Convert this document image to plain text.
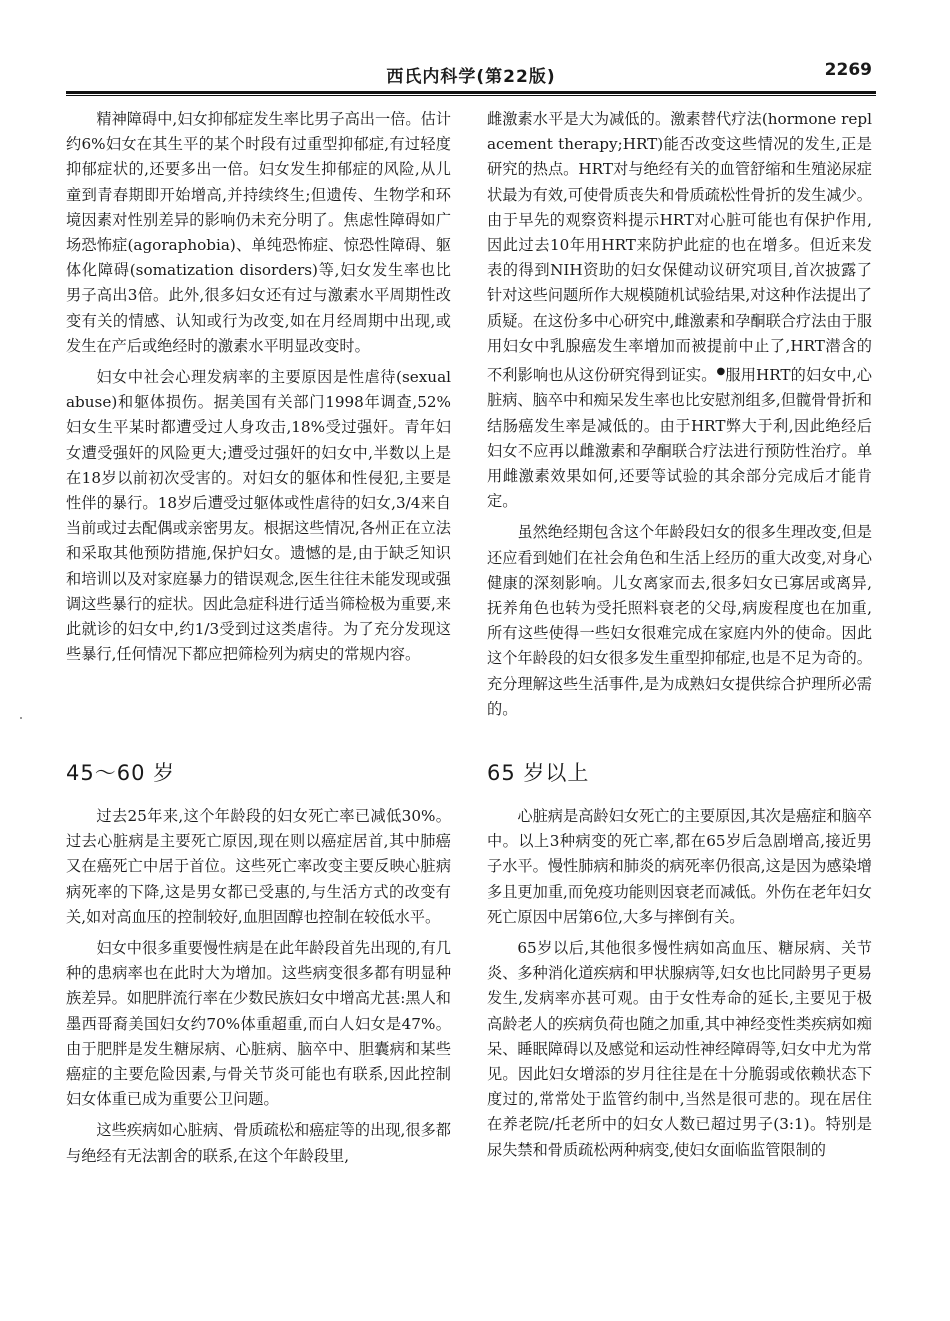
西氏内科学(第22版)	2269

精神障碍中,妇女抑郁症发生率比男子高出一倍。估计约6%妇女在其生平的某个时段有过重型抑郁症,有过轻度抑郁症状的,还要多出一倍。妇女发生抑郁症的风险,从儿童到青春期即开始增高,并持续终生;但遗传、生物学和环境因素对性别差异的影响仍未充分明了。焦虑性障碍如广场恐怖症(agoraphobia)、单纯恐怖症、惊恐性障碍、躯体化障碍(somatization disorders)等,妇女发生率也比男子高出3倍。此外,很多妇女还有过与激素水平周期性改变有关的情感、认知或行为改变,如在月经周期中出现,或发生在产后或绝经时的激素水平明显改变时。

妇女中社会心理发病率的主要原因是性虐待(sexual abuse)和躯体损伤。据美国有关部门1998年调查,52%妇女生平某时都遭受过人身攻击,18%受过强奸。青年妇女遭受强奸的风险更大;遭受过强奸的妇女中,半数以上是在18岁以前初次受害的。对妇女的躯体和性侵犯,主要是性伴的暴行。18岁后遭受过躯体或性虐待的妇女,3/4来自当前或过去配偶或亲密男友。根据这些情况,各州正在立法和采取其他预防措施,保护妇女。遗憾的是,由于缺乏知识和培训以及对家庭暴力的错误观念,医生往往未能发现或强调这些暴行的症状。因此急症科进行适当筛检极为重要,来此就诊的妇女中,约1/3受到过这类虐待。为了充分发现这些暴行,任何情况下都应把筛检列为病史的常规内容。

45～60 岁

过去25年来,这个年龄段的妇女死亡率已减低30%。过去心脏病是主要死亡原因,现在则以癌症居首,其中肺癌又在癌死亡中居于首位。这些死亡率改变主要反映心脏病病死率的下降,这是男女都已受惠的,与生活方式的改变有关,如对高血压的控制较好,血胆固醇也控制在较低水平。

妇女中很多重要慢性病是在此年龄段首先出现的,有几种的患病率也在此时大为增加。这些病变很多都有明显种族差异。如肥胖流行率在少数民族妇女中增高尤甚:黑人和墨西哥裔美国妇女约70%体重超重,而白人妇女是47%。由于肥胖是发生糖尿病、心脏病、脑卒中、胆囊病和某些癌症的主要危险因素,与骨关节炎可能也有联系,因此控制妇女体重已成为重要公卫问题。

这些疾病如心脏病、骨质疏松和癌症等的出现,很多都与绝经有无法割舍的联系,在这个年龄段里,

雌激素水平是大为减低的。激素替代疗法(hormone replacement therapy;HRT)能否改变这些情况的发生,正是研究的热点。HRT对与绝经有关的血管舒缩和生殖泌尿症状最为有效,可使骨质丧失和骨质疏松性骨折的发生减少。由于早先的观察资料提示HRT对心脏可能也有保护作用,因此过去10年用HRT来防护此症的也在增多。但近来发表的得到NIH资助的妇女保健动议研究项目,首次披露了针对这些问题所作大规模随机试验结果,对这种作法提出了质疑。在这份多中心研究中,雌激素和孕酮联合疗法由于服用妇女中乳腺癌发生率增加而被提前中止了,HRT潜含的不利影响也从这份研究得到证实。●服用HRT的妇女中,心脏病、脑卒中和痴呆发生率也比安慰剂组多,但髋骨骨折和结肠癌发生率是减低的。由于HRT弊大于利,因此绝经后妇女不应再以雌激素和孕酮联合疗法进行预防性治疗。单用雌激素效果如何,还要等试验的其余部分完成后才能肯定。

虽然绝经期包含这个年龄段妇女的很多生理改变,但是还应看到她们在社会角色和生活上经历的重大改变,对身心健康的深刻影响。儿女离家而去,很多妇女已寡居或离异,抚养角色也转为受托照料衰老的父母,病废程度也在加重,所有这些使得一些妇女很难完成在家庭内外的使命。因此这个年龄段的妇女很多发生重型抑郁症,也是不足为奇的。充分理解这些生活事件,是为成熟妇女提供综合护理所必需的。

65 岁以上

心脏病是高龄妇女死亡的主要原因,其次是癌症和脑卒中。以上3种病变的死亡率,都在65岁后急剧增高,接近男子水平。慢性肺病和肺炎的病死率仍很高,这是因为感染增多且更加重,而免疫功能则因衰老而减低。外伤在老年妇女死亡原因中居第6位,大多与摔倒有关。

65岁以后,其他很多慢性病如高血压、糖尿病、关节炎、多种消化道疾病和甲状腺病等,妇女也比同龄男子更易发生,发病率亦甚可观。由于女性寿命的延长,主要见于极高龄老人的疾病负荷也随之加重,其中神经变性类疾病如痴呆、睡眠障碍以及感觉和运动性神经障碍等,妇女中尤为常见。因此妇女增添的岁月往往是在十分脆弱或依赖状态下度过的,常常处于监管约制中,当然是很可悲的。现在居住在养老院/托老所中的妇女人数已超过男子(3:1)。特别是尿失禁和骨质疏松两种病变,使妇女面临监管限制的
